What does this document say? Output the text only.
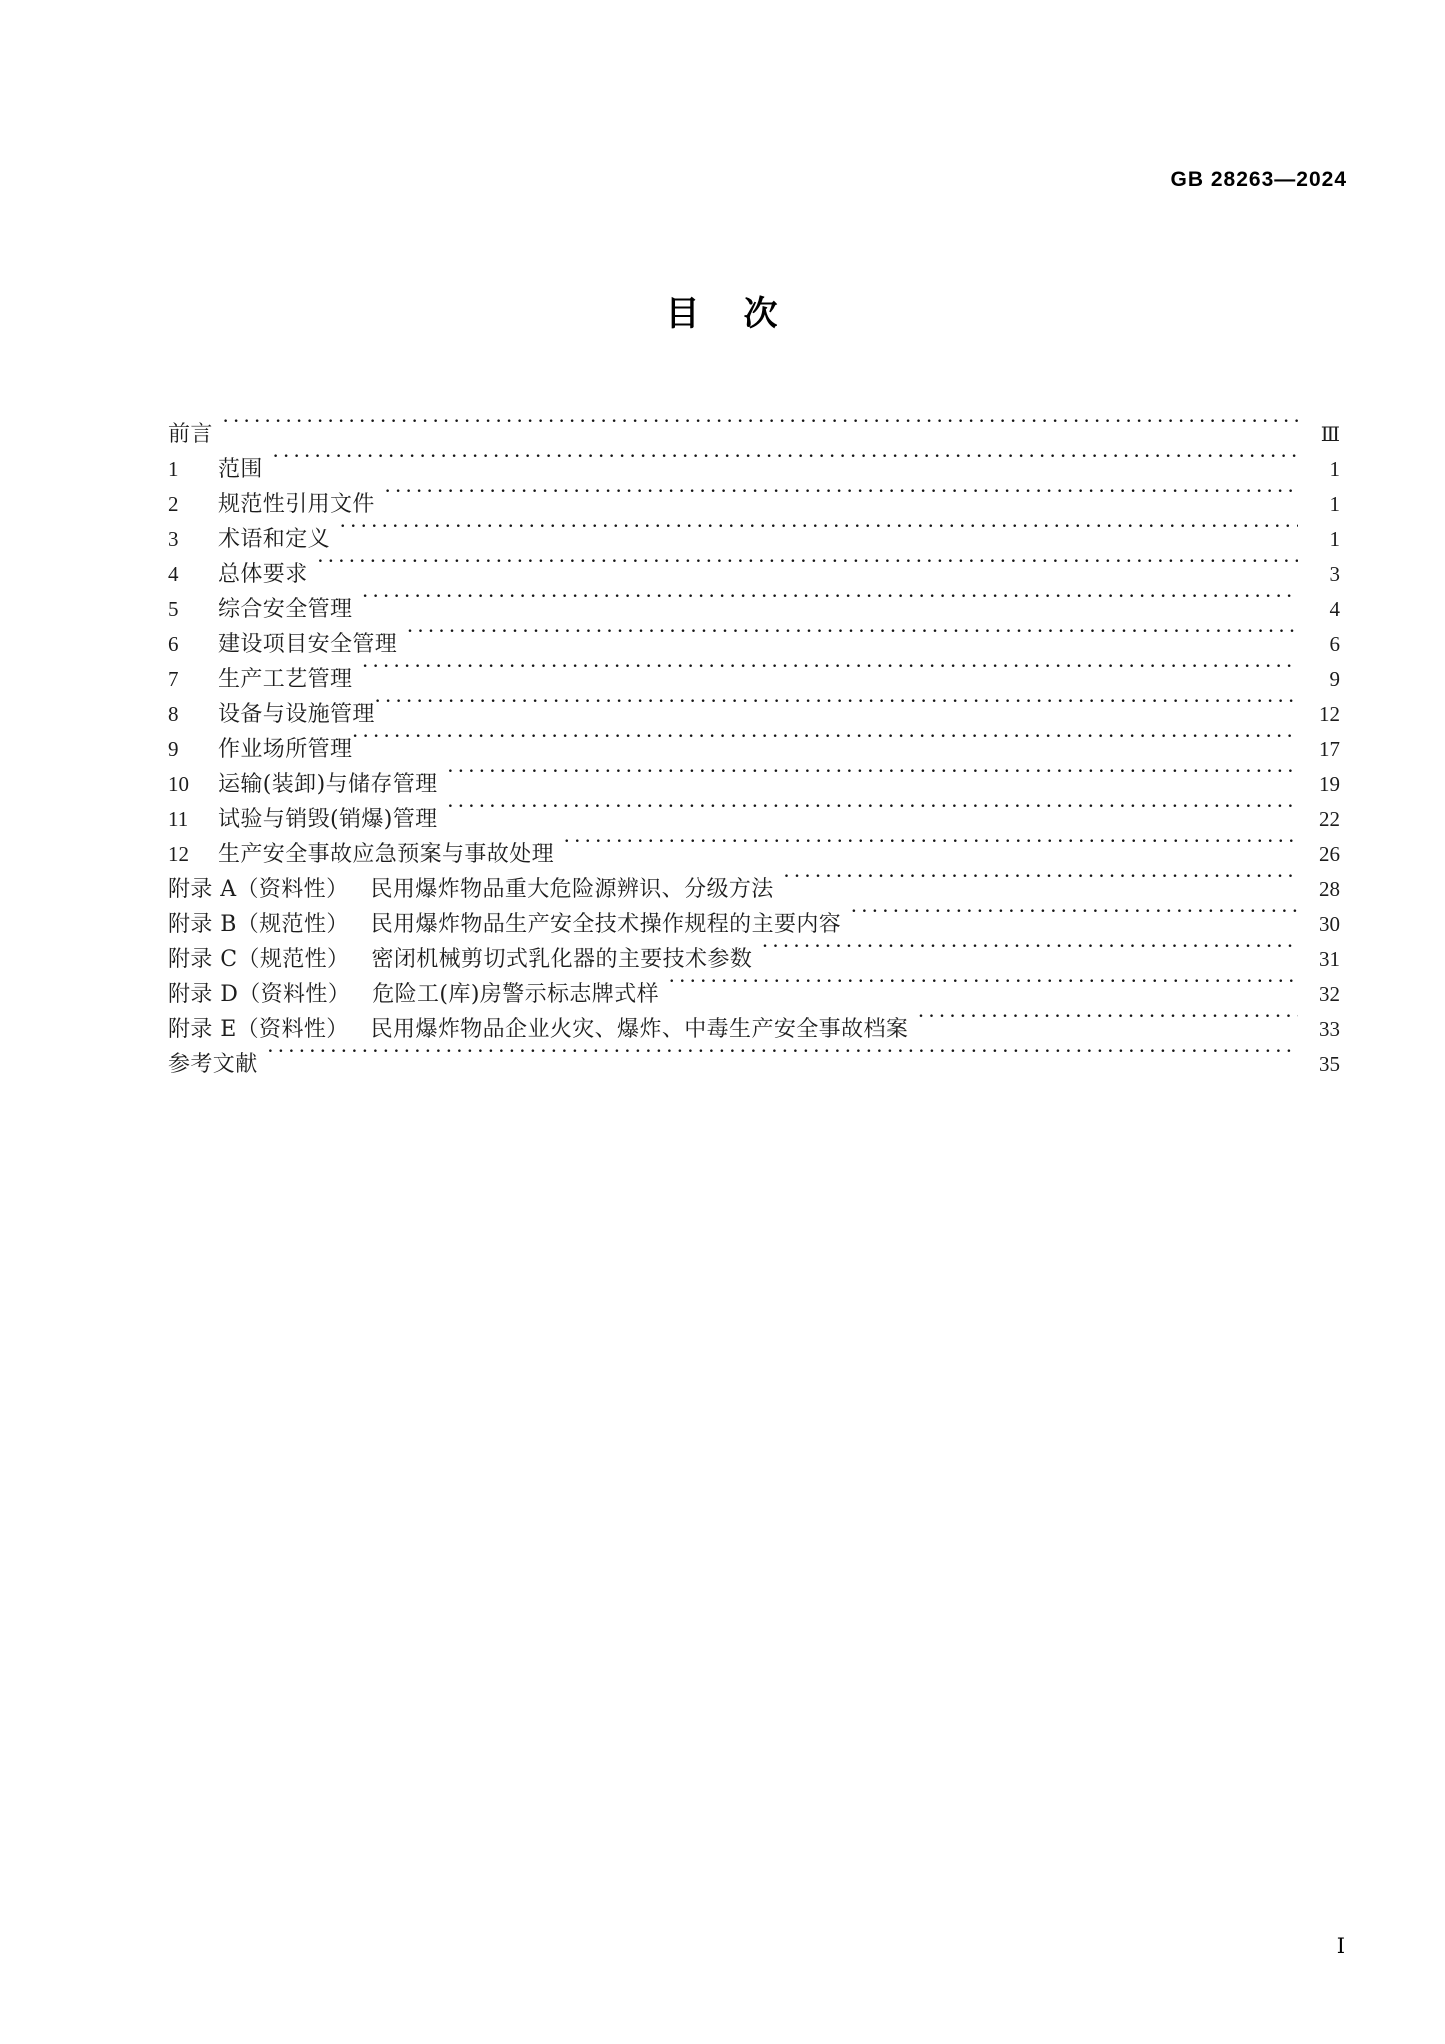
GB 28263—2024
目 次
前言 .....	Ⅲ
1	范围 .....	1
2	规范性引用文件 .....	1
3	术语和定义 .....	1
4	总体要求 .....	3
5	综合安全管理 .....	4
6	建设项目安全管理 .....	6
7	生产工艺管理 .....	9
8	设备与设施管理 .....	12
9	作业场所管理 .....	17
10	运输(装卸)与储存管理 .....	19
11	试验与销毁(销爆)管理 .....	22
12	生产安全事故应急预案与事故处理 .....	26
附录 A（资料性） 民用爆炸物品重大危险源辨识、分级方法 .....	28
附录 B（规范性） 民用爆炸物品生产安全技术操作规程的主要内容 .....	30
附录 C（规范性） 密闭机械剪切式乳化器的主要技术参数 .....	31
附录 D（资料性） 危险工(库)房警示标志牌式样 .....	32
附录 E（资料性） 民用爆炸物品企业火灾、爆炸、中毒生产安全事故档案 .....	33
参考文献 .....	35
Ⅰ
